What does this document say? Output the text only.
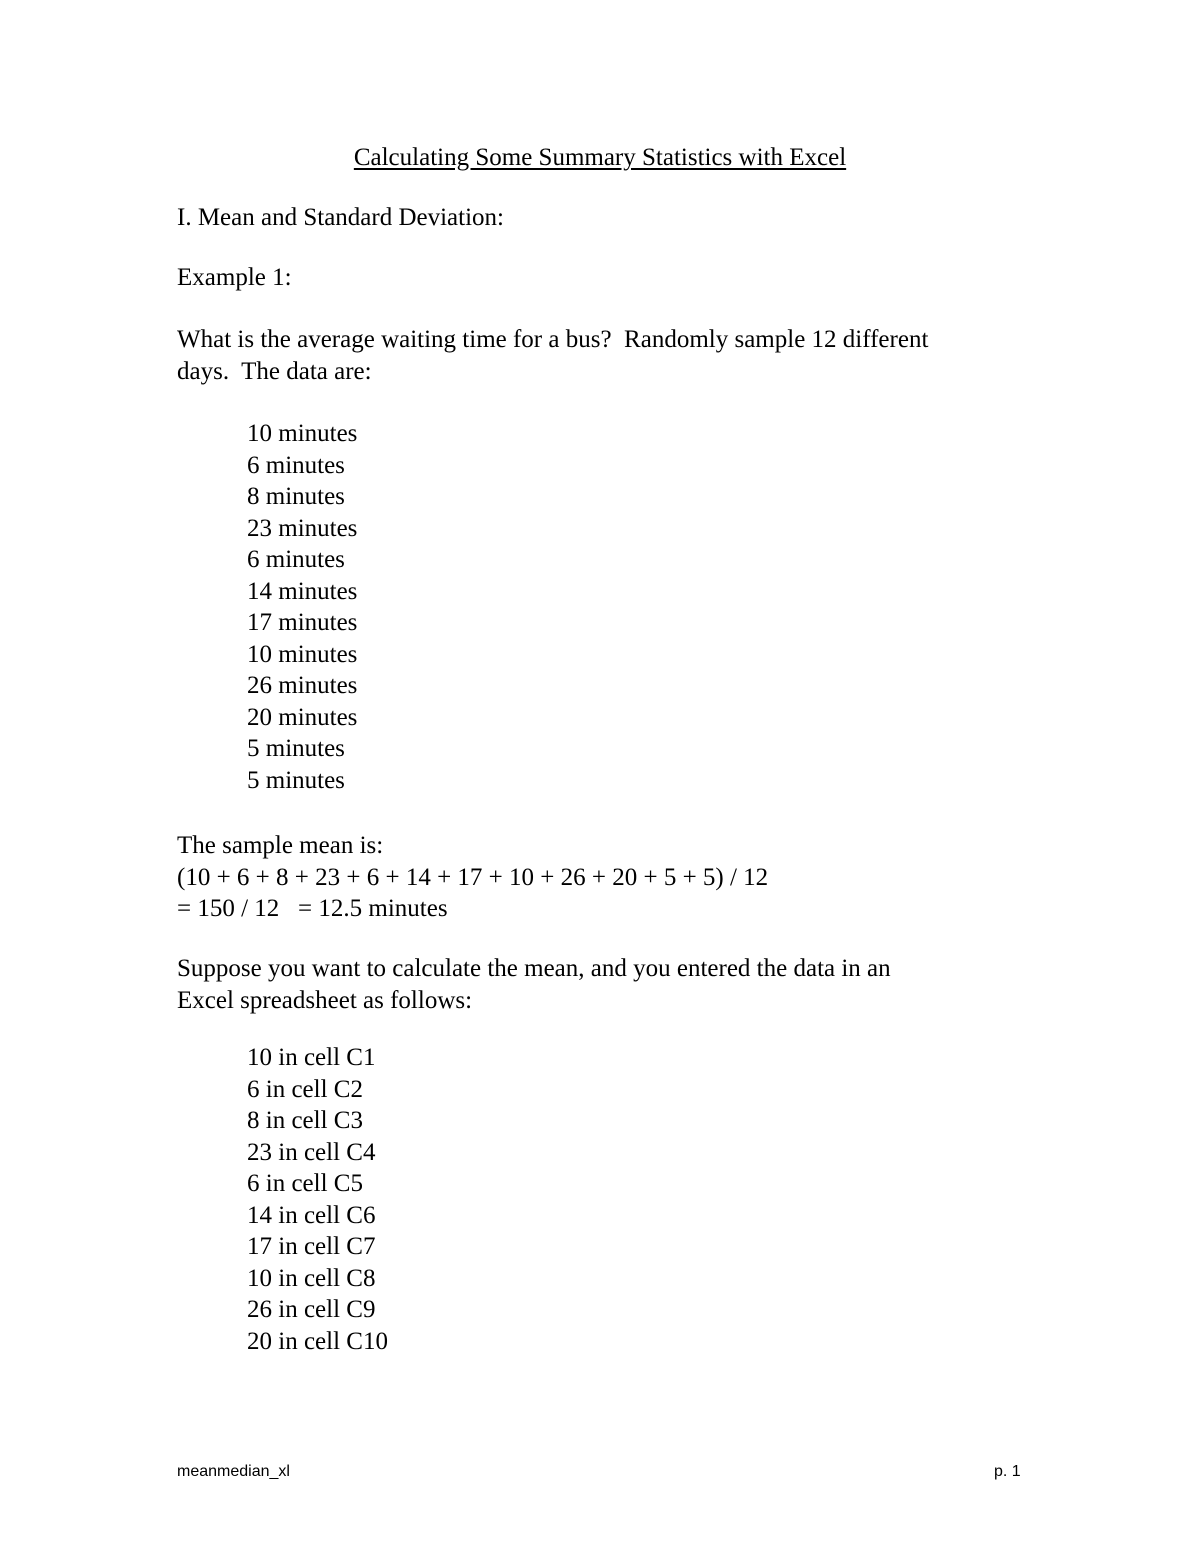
Calculating Some Summary Statistics with Excel
I. Mean and Standard Deviation:
Example 1:
What is the average waiting time for a bus?  Randomly sample 12 different
days.  The data are:
10 minutes
6 minutes
8 minutes
23 minutes
6 minutes
14 minutes
17 minutes
10 minutes
26 minutes
20 minutes
5 minutes
5 minutes
The sample mean is:
(10 + 6 + 8 + 23 + 6 + 14 + 17 + 10 + 26 + 20 + 5 + 5) / 12
= 150 / 12   = 12.5 minutes
Suppose you want to calculate the mean, and you entered the data in an
Excel spreadsheet as follows:
10 in cell C1
6 in cell C2
8 in cell C3
23 in cell C4
6 in cell C5
14 in cell C6
17 in cell C7
10 in cell C8
26 in cell C9
20 in cell C10
meanmedian_xl	p. 1
